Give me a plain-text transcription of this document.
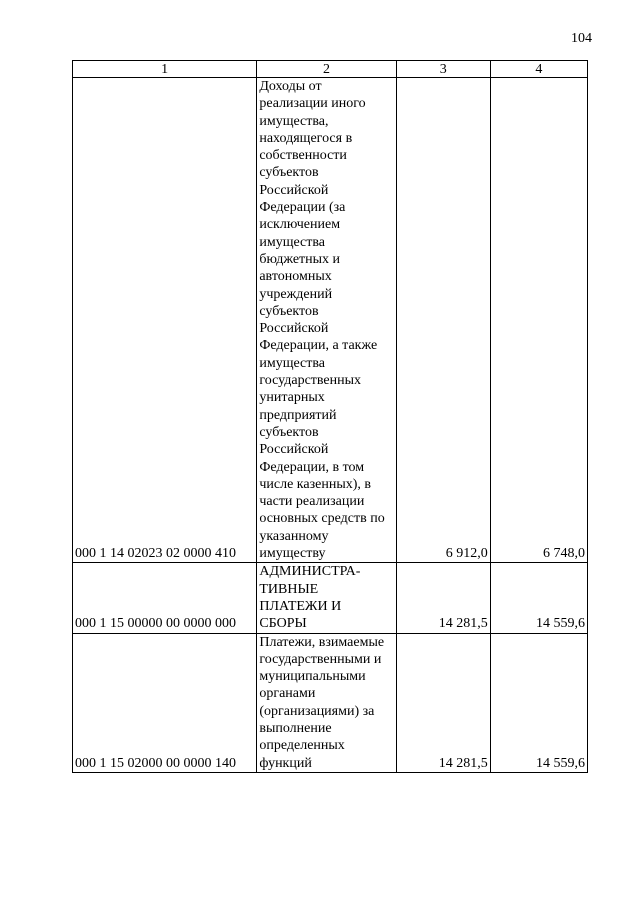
104
1	2	3	4
000 1 14 02023 02 0000 410	Доходы от реализации иного имущества, находящегося в собственности субъектов Российской Федерации (за исключением имущества бюджетных и автономных учреждений субъектов Российской Федерации, а также имущества государственных унитарных предприятий субъектов Российской Федерации, в том числе казенных), в части реализации основных средств по указанному имуществу	6 912,0	6 748,0
000 1 15 00000 00 0000 000	АДМИНИСТРА-ТИВНЫЕ ПЛАТЕЖИ И СБОРЫ	14 281,5	14 559,6
000 1 15 02000 00 0000 140	Платежи, взимаемые государственными и муниципальными органами (организациями) за выполнение определенных функций	14 281,5	14 559,6
